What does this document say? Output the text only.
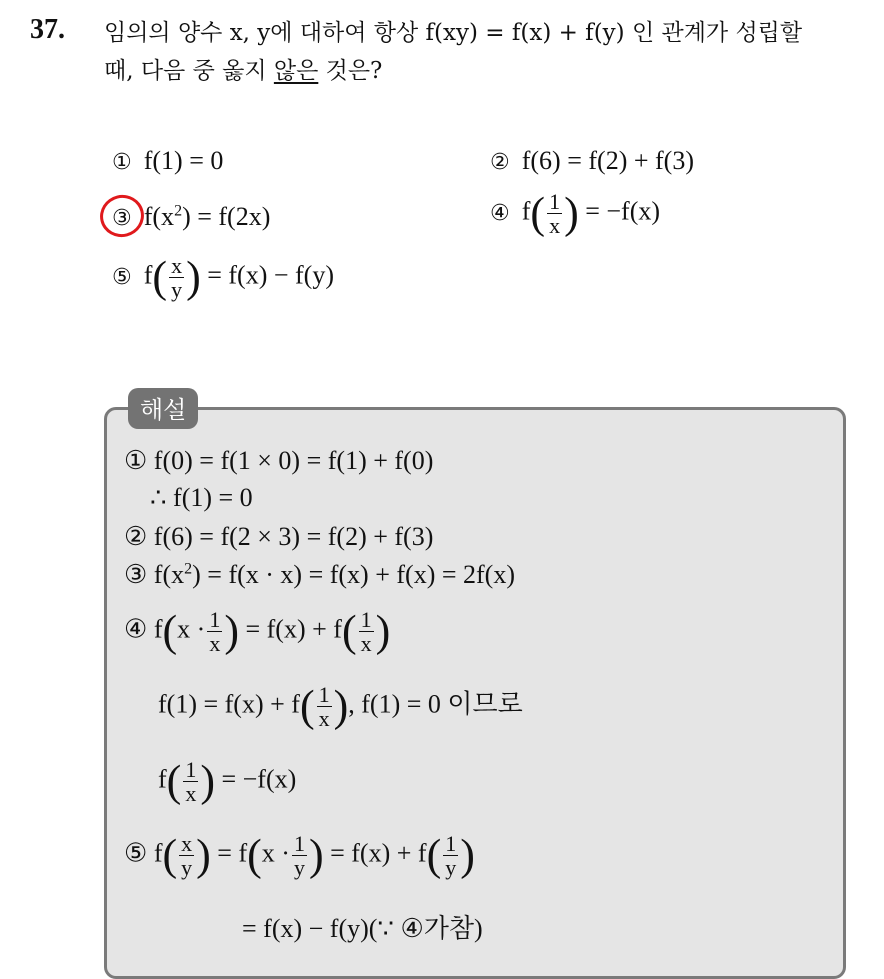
37. 임의의 양수 x, y에 대하여 항상 f(xy) = f(x) + f(y) 인 관계가 성립할
때, 다음 중 옳지 않은 것은?
① f(1) = 0	② f(6) = f(2) + f(3)
③ $f(x^2) = f(2x)$	④ $f( \frac{1}{x}$ ) = −f(x)
⑤ $f( \frac{x}{y}$ ) = f(x) − f(y)
해설
① f(0) = f(1 × 0) = f(1) + f(0)
∴ f(1) = 0
② f(6) = f(2 × 3) = f(2) + f(3)
③ $f(x^2) = f(x \cdot x) = f(x) + f(x) = 2f(x)$
④ $f(x \cdot \frac{1}{x}$ ) = $f(x) + f( \frac{1}{x}$ )
$f(1) = f(x) + f( \frac{1}{x}$ ), f(1) = 0 이므로
$f( \frac{1}{x}$ ) = −f(x)
⑤ $f( \frac{x}{y}$ ) = $f(x \cdot \frac{1}{y}$ ) = $f(x) + f( \frac{1}{y}$ )
= f(x) − f(y)(∵ ④가참)
